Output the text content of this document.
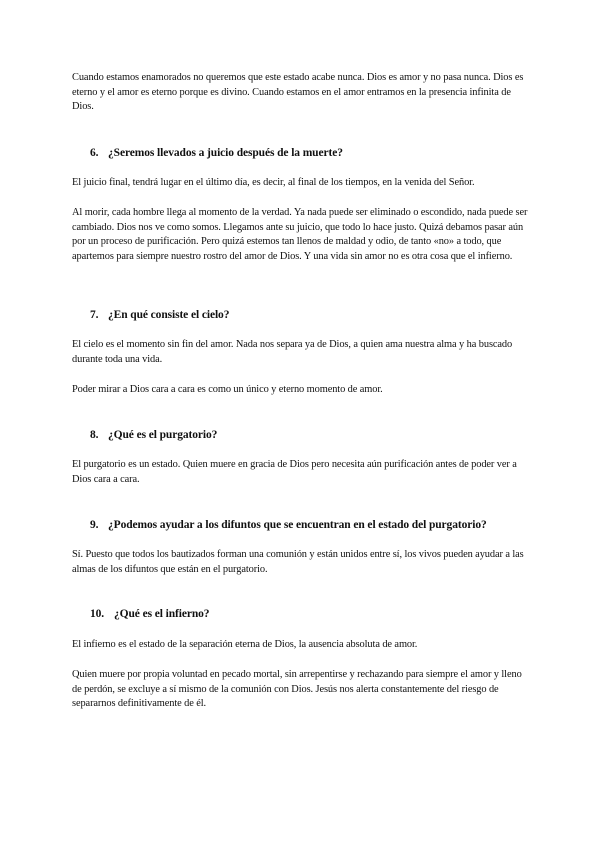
Cuando estamos enamorados no queremos que este estado acabe nunca. Dios es amor y no pasa nunca. Dios es eterno y el amor es eterno porque es divino. Cuando estamos en el amor entramos en la presencia infinita de Dios.

6. ¿Seremos llevados a juicio después de la muerte?

El juicio final, tendrá lugar en el último día, es decir, al final de los tiempos, en la venida del Señor.

Al morir, cada hombre llega al momento de la verdad. Ya nada puede ser eliminado o escondido, nada puede ser cambiado. Dios nos ve como somos. Llegamos ante su juicio, que todo lo hace justo. Quizá debamos pasar aún por un proceso de purificación. Pero quizá estemos tan llenos de maldad y odio, de tanto «no» a todo, que apartemos para siempre nuestro rostro del amor de Dios. Y una vida sin amor no es otra cosa que el infierno.

7. ¿En qué consiste el cielo?

El cielo es el momento sin fin del amor. Nada nos separa ya de Dios, a quien ama nuestra alma y ha buscado durante toda una vida.

Poder mirar a Dios cara a cara es como un único y eterno momento de amor.

8. ¿Qué es el purgatorio?

El purgatorio es un estado. Quien muere en gracia de Dios pero necesita aún purificación antes de poder ver a Dios cara a cara.

9. ¿Podemos ayudar a los difuntos que se encuentran en el estado del purgatorio?

Sí. Puesto que todos los bautizados forman una comunión y están unidos entre sí, los vivos pueden ayudar a las almas de los difuntos que están en el purgatorio.

10. ¿Qué es el infierno?

El infierno es el estado de la separación eterna de Dios, la ausencia absoluta de amor.

Quien muere por propia voluntad en pecado mortal, sin arrepentirse y rechazando para siempre el amor y lleno de perdón, se excluye a sí mismo de la comunión con Dios. Jesús nos alerta constantemente del riesgo de separarnos definitivamente de él.
